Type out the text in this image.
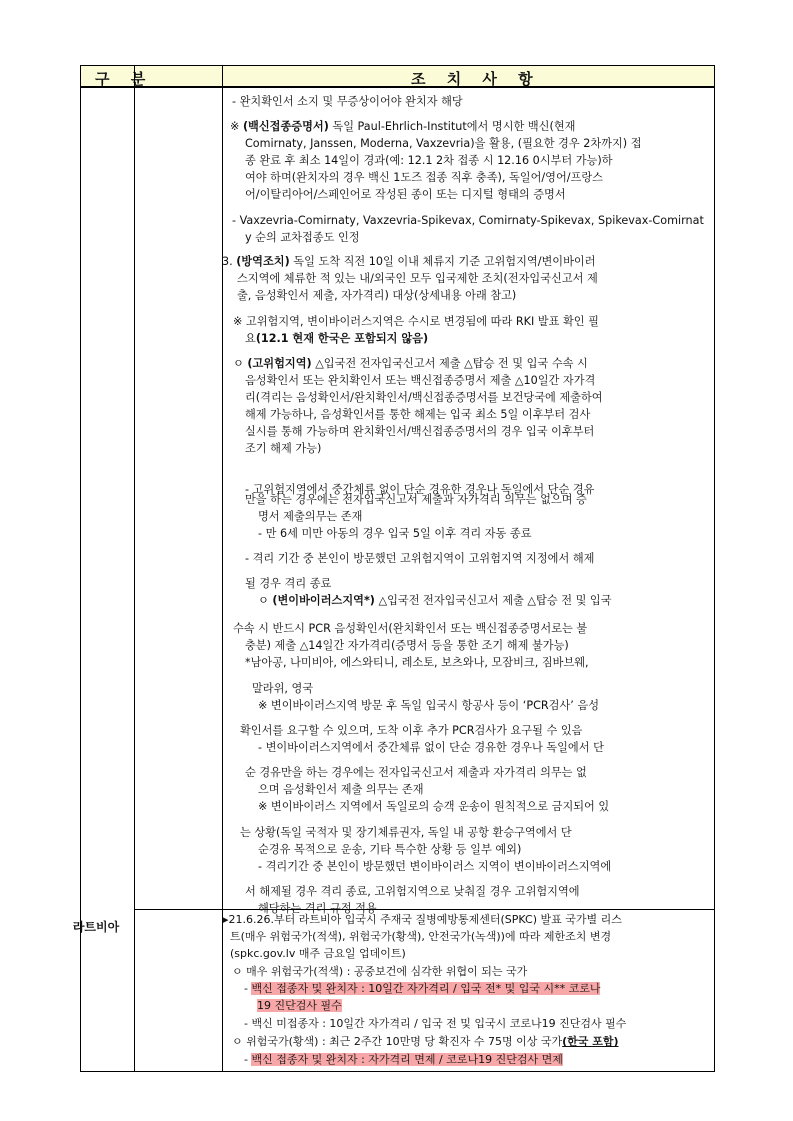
구 분	조 치 사 항
- 완치확인서 소지 및 무증상이어야 완치자 해당
※ (백신접종증명서) 독일 Paul-Ehrlich-Institut에서 명시한 백신(현재
Comirnaty, Janssen, Moderna, Vaxzevria)을 활용, (필요한 경우 2차까지) 접
종 완료 후 최소 14일이 경과(예: 12.1 2차 접종 시 12.16 0시부터 가능)하
여야 하며(완치자의 경우 백신 1도즈 접종 직후 충족), 독일어/영어/프랑스
어/이탈리아어/스페인어로 작성된 종이 또는 디지털 형태의 증명서
- Vaxzevria-Comirnaty, Vaxzevria-Spikevax, Comirnaty-Spikevax, Spikevax-Comirnat
y 순의 교차접종도 인정
3. (방역조치) 독일 도착 직전 10일 이내 체류지 기준 고위험지역/변이바이러
스지역에 체류한 적 있는 내/외국인 모두 입국제한 조치(전자입국신고서 제
출, 음성확인서 제출, 자가격리) 대상(상세내용 아래 참고)
※ 고위험지역, 변이바이러스지역은 수시로 변경됨에 따라 RKI 발표 확인 필
요(12.1 현재 한국은 포함되지 않음)
ㅇ (고위험지역) △입국전 전자입국신고서 제출 △탑승 전 및 입국 수속 시
음성확인서 또는 완치확인서 또는 백신접종증명서 제출 △10일간 자가격
리(격리는 음성확인서/완치확인서/백신접종증명서를 보건당국에 제출하여
해제 가능하나, 음성확인서를 통한 해제는 입국 최소 5일 이후부터 검사
실시를 통해 가능하며 완치확인서/백신접종증명서의 경우 입국 이후부터
조기 해제 가능)
- 고위험지역에서 중간체류 없이 단순 경유한 경우나 독일에서 단순 경유
만을 하는 경우에는 전자입국신고서 제출과 자가격리 의무는 없으며 증
명서 제출의무는 존재
- 만 6세 미만 아동의 경우 입국 5일 이후 격리 자동 종료
- 격리 기간 중 본인이 방문했던 고위험지역이 고위험지역 지정에서 해제
될 경우 격리 종료
ㅇ (변이바이러스지역*) △입국전 전자입국신고서 제출 △탑승 전 및 입국
수속 시 반드시 PCR 음성확인서(완치확인서 또는 백신접종증명서로는 불
충분) 제출 △14일간 자가격리(증명서 등을 통한 조기 해제 불가능)
*남아공, 나미비아, 에스와티니, 레소토, 보츠와나, 모잠비크, 짐바브웨,
말라위, 영국
※ 변이바이러스지역 방문 후 독일 입국시 항공사 등이 ‘PCR검사’ 음성
확인서를 요구할 수 있으며, 도착 이후 추가 PCR검사가 요구될 수 있음
- 변이바이러스지역에서 중간체류 없이 단순 경유한 경우나 독일에서 단
순 경유만을 하는 경우에는 전자입국신고서 제출과 자가격리 의무는 없
으며 음성확인서 제출 의무는 존재
※ 변이바이러스 지역에서 독일로의 승객 운송이 원칙적으로 금지되어 있
는 상황(독일 국적자 및 장기체류권자, 독일 내 공항 환승구역에서 단
순경유 목적으로 운송, 기타 특수한 상황 등 일부 예외)
- 격리기간 중 본인이 방문했던 변이바이러스 지역이 변이바이러스지역에
서 해제될 경우 격리 종료, 고위험지역으로 낮춰질 경우 고위험지역에
해당하는 격리 규정 적용
▸21.6.26.부터 라트비아 입국시 주재국 질병예방통제센터(SPKC) 발표 국가별 리스
트(매우 위험국가(적색), 위험국가(황색), 안전국가(녹색))에 따라 제한조치 변경
(spkc.gov.lv 매주 금요일 업데이트)
ㅇ 매우 위험국가(적색) : 공중보건에 심각한 위협이 되는 국가
- 백신 접종자 및 완치자 : 10일간 자가격리 / 입국 전* 및 입국 시** 코로나
19 진단검사 필수
- 백신 미접종자 : 10일간 자가격리 / 입국 전 및 입국시 코로나19 진단검사 필수
ㅇ 위험국가(황색) : 최근 2주간 10만명 당 확진자 수 75명 이상 국가(한국 포함)
- 백신 접종자 및 완치자 : 자가격리 면제 / 코로나19 진단검사 면제
라트비아
